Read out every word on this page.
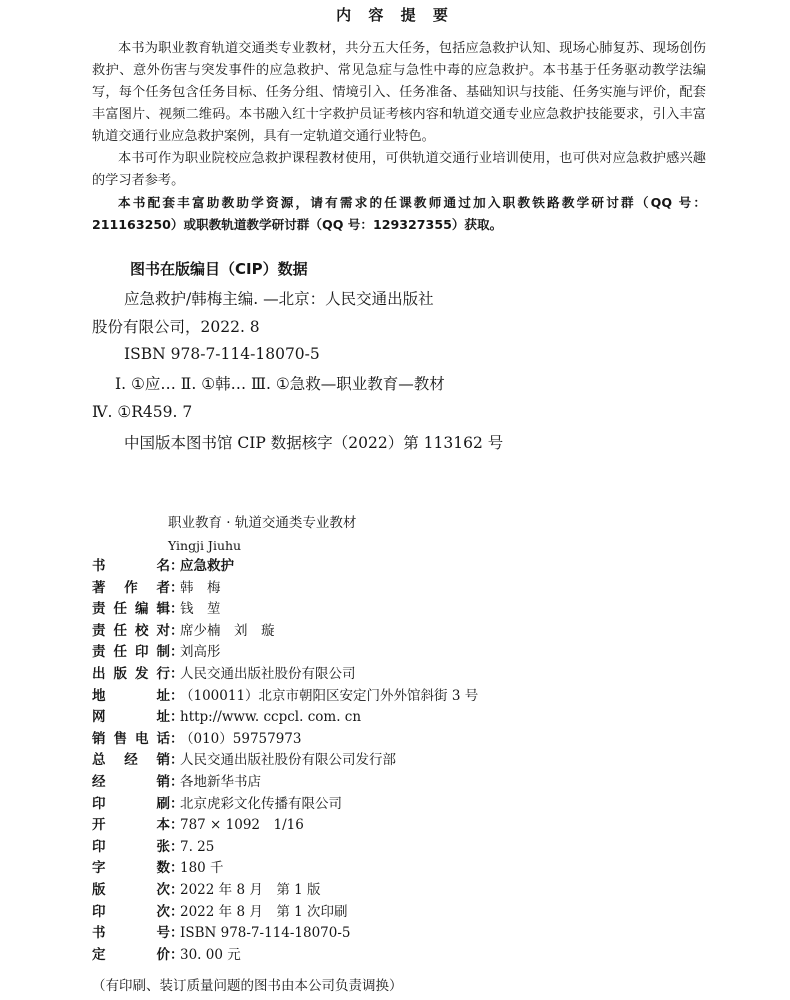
内 容 提 要

本书为职业教育轨道交通类专业教材，共分五大任务，包括应急救护认知、现场心肺复苏、现场创伤救护、意外伤害与突发事件的应急救护、常见急症与急性中毒的应急救护。本书基于任务驱动教学法编写，每个任务包含任务目标、任务分组、情境引入、任务准备、基础知识与技能、任务实施与评价，配套丰富图片、视频二维码。本书融入红十字救护员证考核内容和轨道交通专业应急救护技能要求，引入丰富轨道交通行业应急救护案例，具有一定轨道交通行业特色。

本书可作为职业院校应急救护课程教材使用，可供轨道交通行业培训使用，也可供对应急救护感兴趣的学习者参考。

本书配套丰富助教助学资源，请有需求的任课教师通过加入职教铁路教学研讨群（QQ 号：211163250）或职教轨道教学研讨群（QQ 号：129327355）获取。

图书在版编目（CIP）数据
应急救护/韩梅主编. —北京：人民交通出版社
股份有限公司，2022. 8
ISBN 978-7-114-18070-5
Ⅰ. ①应… Ⅱ. ①韩… Ⅲ. ①急救—职业教育—教材
Ⅳ. ①R459. 7
中国版本图书馆 CIP 数据核字（2022）第 113162 号
职业教育 · 轨道交通类专业教材
Yingji Jiuhu
书　　名 ：
应急救护
著 作 者 ：
韩　梅
责任编辑 ：
钱　堃
责任校对 ：
席少楠　刘　璇
责任印制 ：
刘高彤
出版发行 ：
人民交通出版社股份有限公司
地　　址 ：
（100011）北京市朝阳区安定门外外馆斜街 3 号
网　　址 ：
http://www. ccpcl. com. cn
销售电话 ：
（010）59757973
总 经 销 ：
人民交通出版社股份有限公司发行部
经　　销 ：
各地新华书店
印　　刷 ：
北京虎彩文化传播有限公司
开　　本 ：
787 × 1092　1/16
印　　张 ：
7. 25
字　　数 ：
180 千
版　　次 ：
2022 年 8 月　第 1 版
印　　次 ：
2022 年 8 月　第 1 次印刷
书　　号 ：
ISBN 978-7-114-18070-5
定　　价 ：
30. 00 元
（有印刷、装订质量问题的图书由本公司负责调换）
